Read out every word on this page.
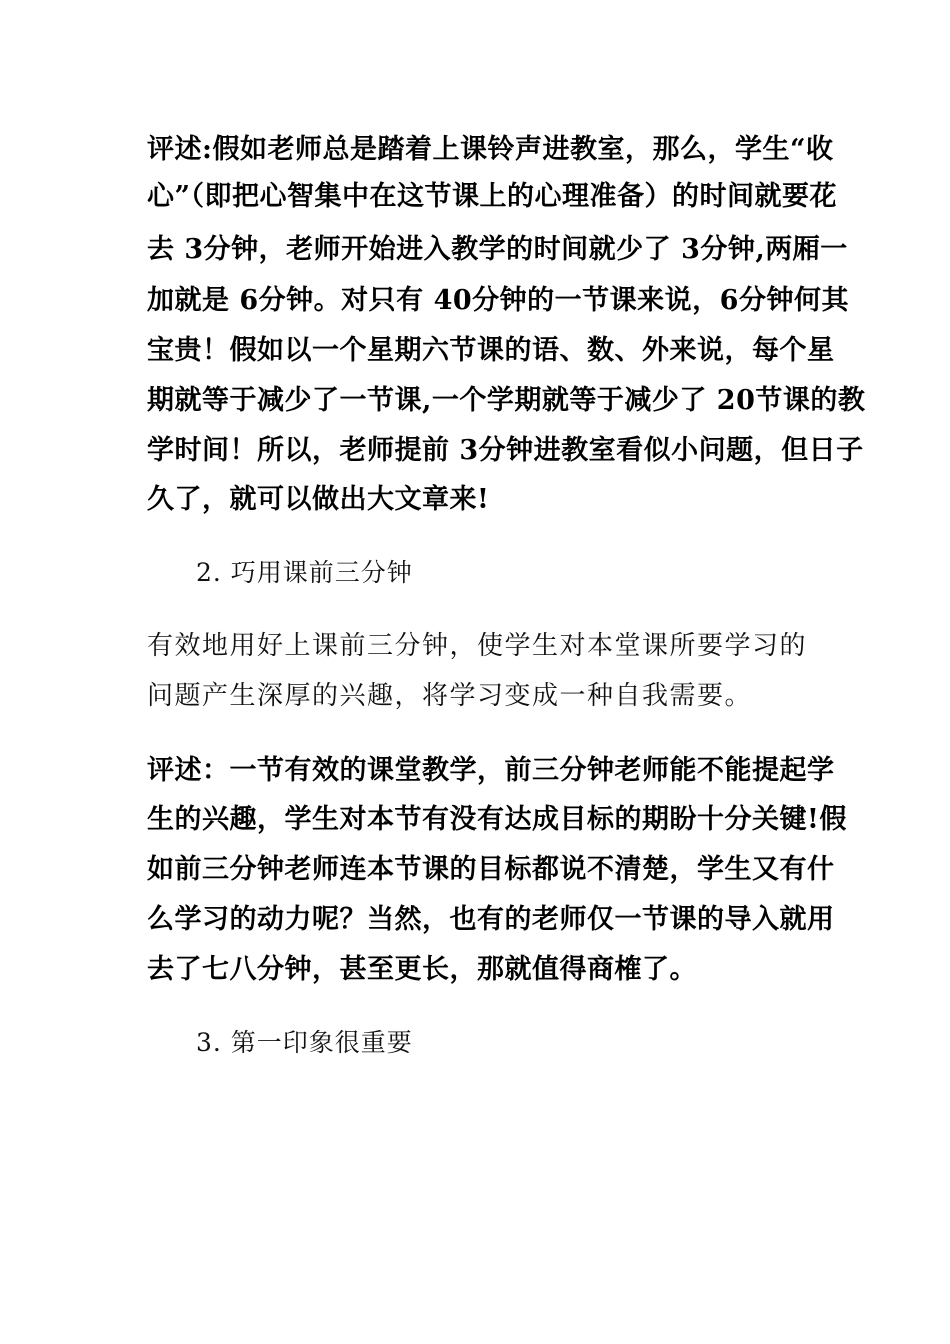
评述:假如老师总是踏着上课铃声进教室，那么，学生“收
心”（即把心智集中在这节课上的心理准备）的时间就要花
去 3分钟，老师开始进入教学的时间就少了 3分钟,两厢一
加就是 6分钟。对只有 40分钟的一节课来说，6分钟何其
宝贵！假如以一个星期六节课的语、数、外来说，每个星
期就等于减少了一节课,一个学期就等于减少了 20节课的教
学时间！所以，老师提前 3分钟进教室看似小问题，但日子
久了，就可以做出大文章来!
2. 巧用课前三分钟
有效地用好上课前三分钟，使学生对本堂课所要学习的
问题产生深厚的兴趣，将学习变成一种自我需要。
评述：一节有效的课堂教学，前三分钟老师能不能提起学
生的兴趣，学生对本节有没有达成目标的期盼十分关键!假
如前三分钟老师连本节课的目标都说不清楚，学生又有什
么学习的动力呢？当然，也有的老师仅一节课的导入就用
去了七八分钟，甚至更长，那就值得商榷了。
3. 第一印象很重要
